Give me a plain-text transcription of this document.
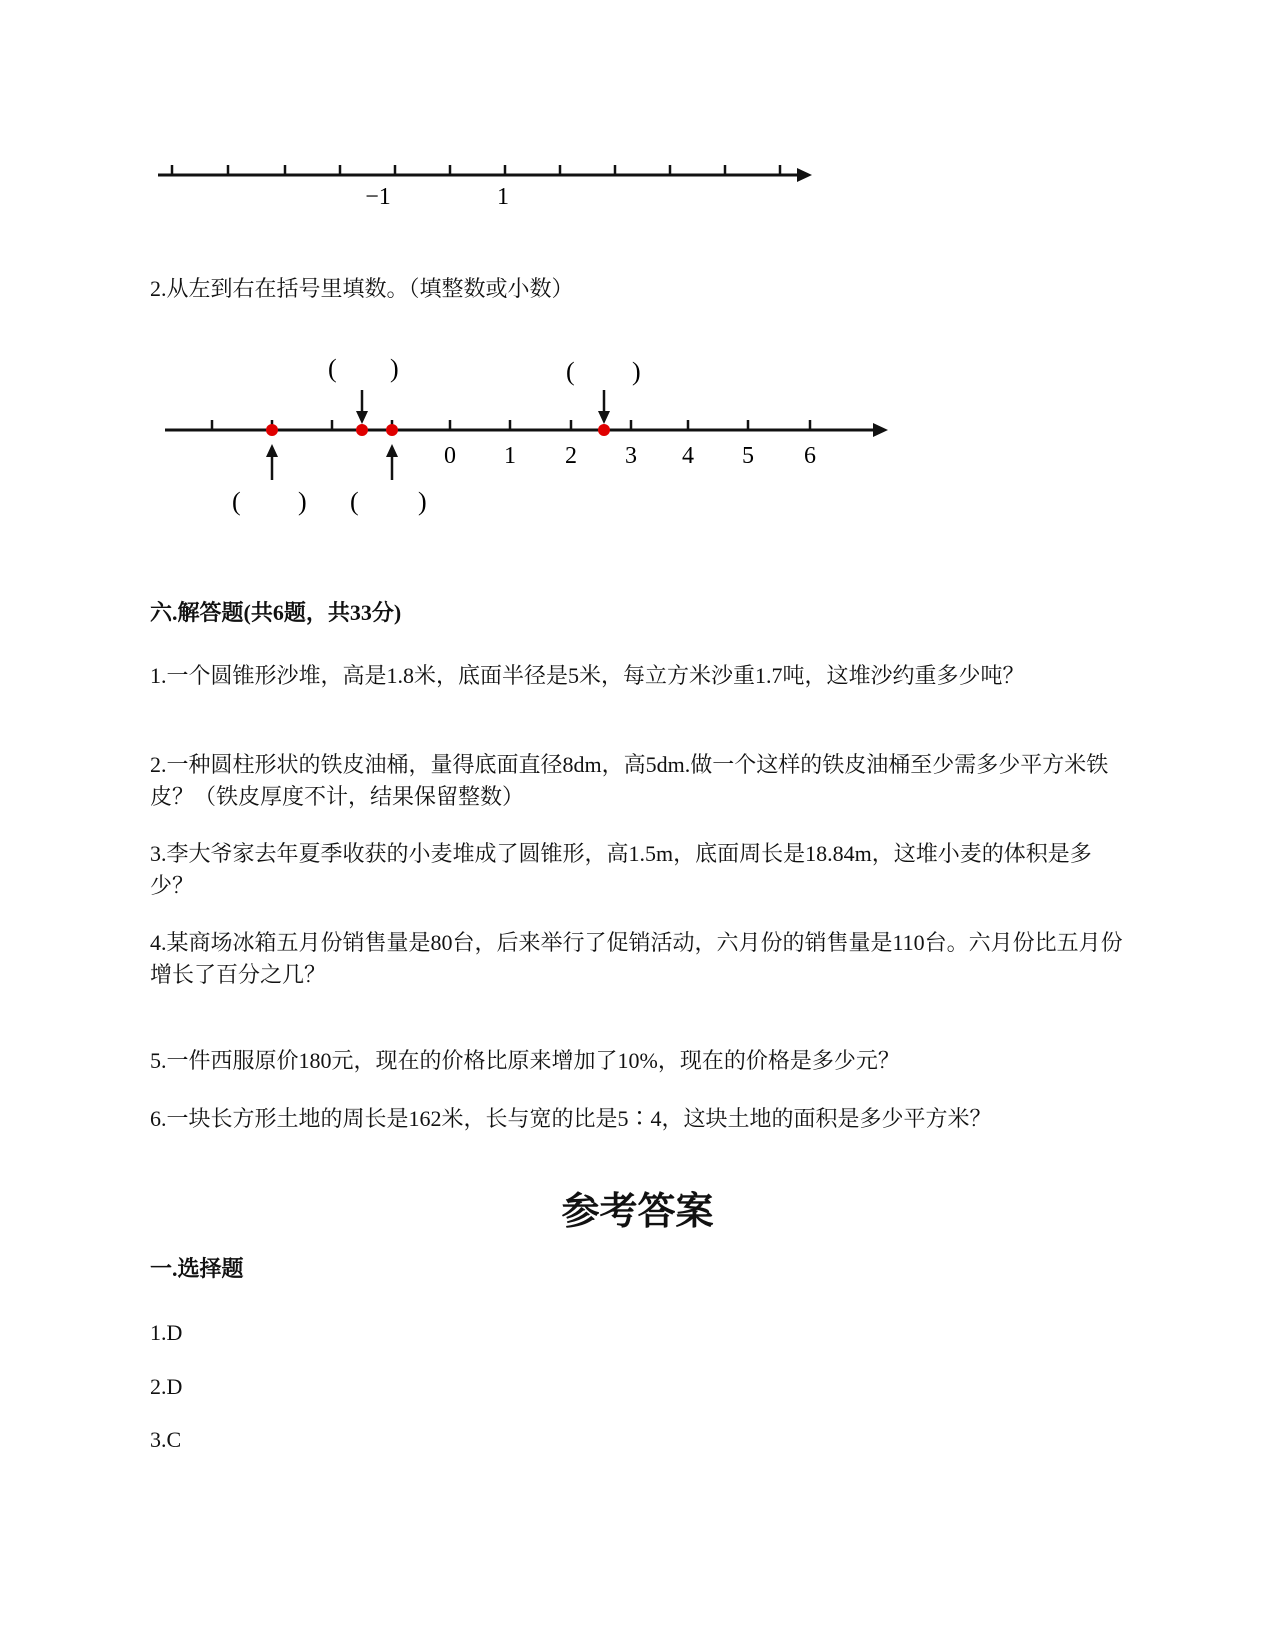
−1	1
2.从左到右在括号里填数。（填整数或小数）
0 1 2 3 4 5 6
( )	( )
( ) ( )
六.解答题(共6题，共33分)
1.一个圆锥形沙堆，高是1.8米，底面半径是5米，每立方米沙重1.7吨，这堆沙约重多少吨？
2.一种圆柱形状的铁皮油桶，量得底面直径8dm，高5dm.做一个这样的铁皮油桶至少需多少平方米铁皮？（铁皮厚度不计，结果保留整数）
3.李大爷家去年夏季收获的小麦堆成了圆锥形，高1.5m，底面周长是18.84m，这堆小麦的体积是多少？
4.某商场冰箱五月份销售量是80台，后来举行了促销活动，六月份的销售量是110台。六月份比五月份增长了百分之几？
5.一件西服原价180元，现在的价格比原来增加了10%，现在的价格是多少元？
6.一块长方形土地的周长是162米，长与宽的比是5∶4，这块土地的面积是多少平方米？
参考答案
一.选择题
1.D
2.D
3.C
